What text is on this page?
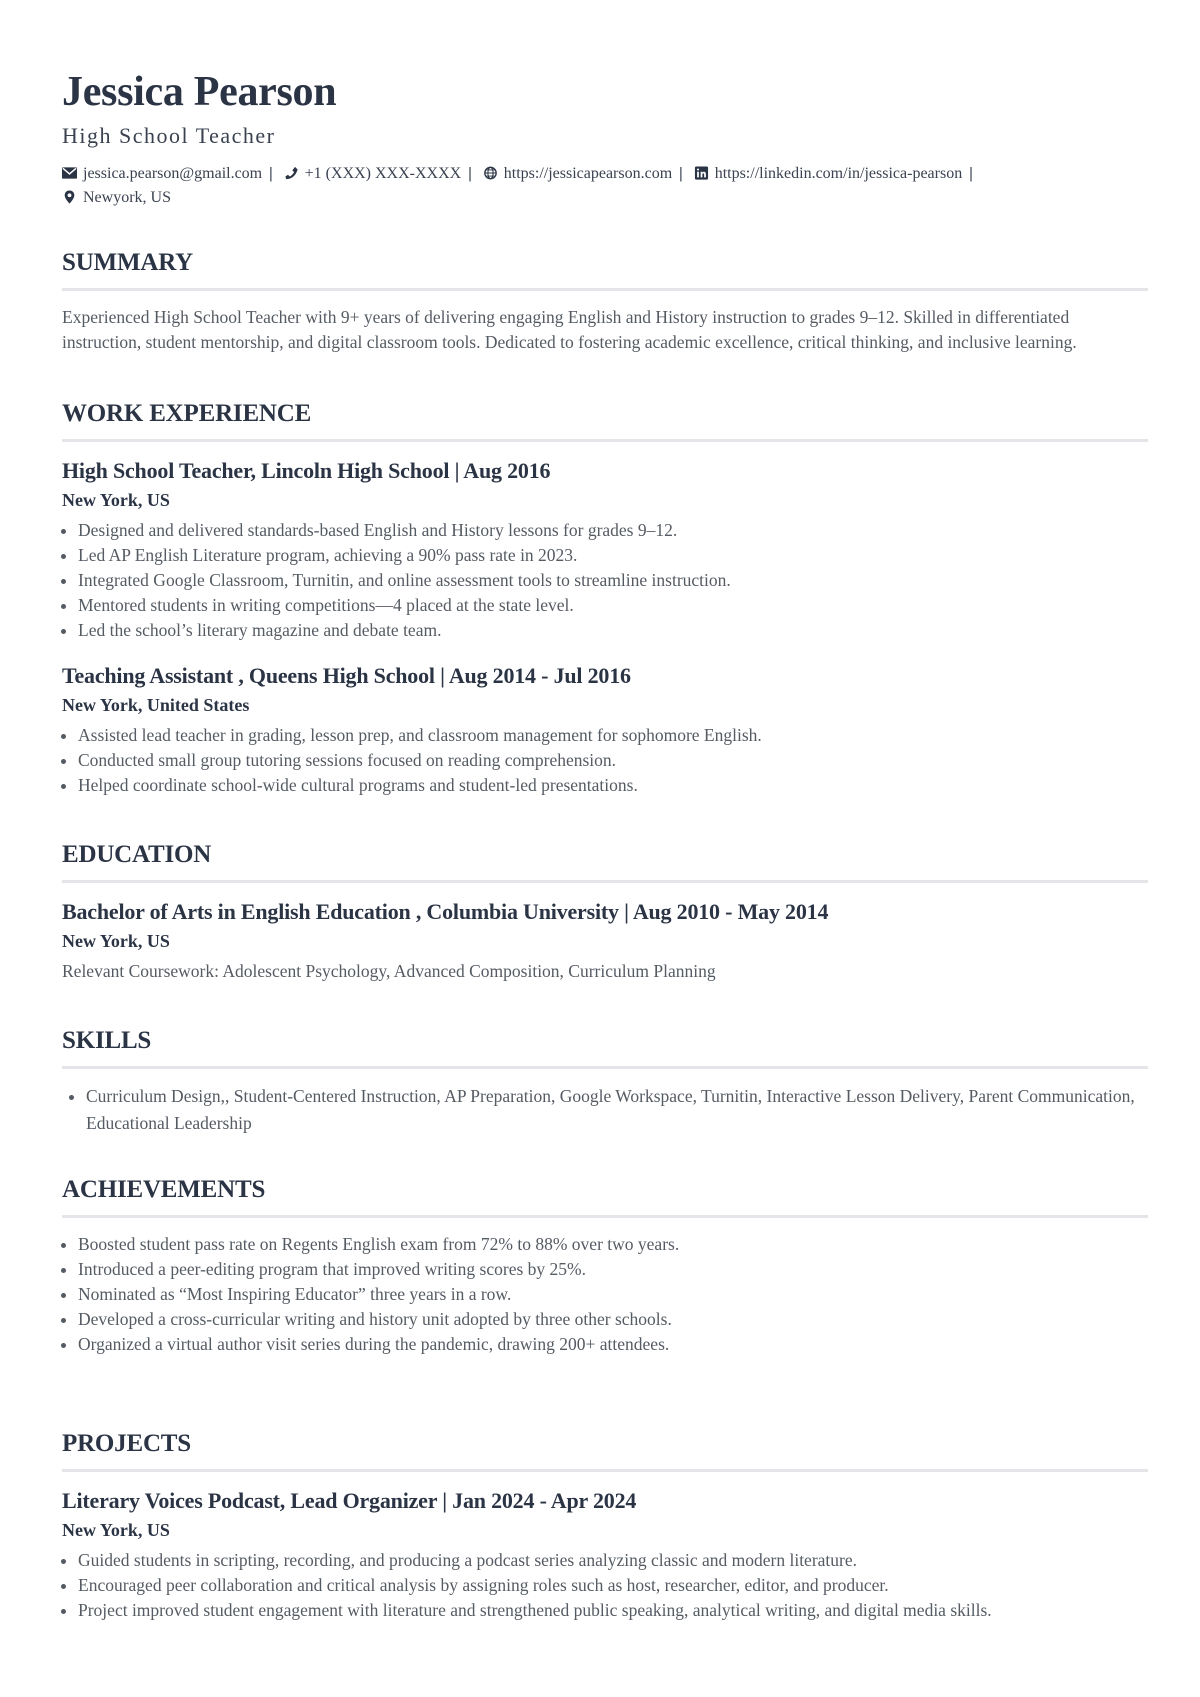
Jessica Pearson
High School Teacher
jessica.pearson@gmail.com | +1 (XXX) XXX-XXXX | https://jessicapearson.com | https://linkedin.com/in/jessica-pearson |
Newyork, US
SUMMARY
Experienced High School Teacher with 9+ years of delivering engaging English and History instruction to grades 9–12. Skilled in differentiated instruction, student mentorship, and digital classroom tools. Dedicated to fostering academic excellence, critical thinking, and inclusive learning.
WORK EXPERIENCE
High School Teacher, Lincoln High School | Aug 2016
New York, US
• Designed and delivered standards-based English and History lessons for grades 9–12.
• Led AP English Literature program, achieving a 90% pass rate in 2023.
• Integrated Google Classroom, Turnitin, and online assessment tools to streamline instruction.
• Mentored students in writing competitions—4 placed at the state level.
• Led the school’s literary magazine and debate team.
Teaching Assistant , Queens High School | Aug 2014 - Jul 2016
New York, United States
• Assisted lead teacher in grading, lesson prep, and classroom management for sophomore English.
• Conducted small group tutoring sessions focused on reading comprehension.
• Helped coordinate school-wide cultural programs and student-led presentations.
EDUCATION
Bachelor of Arts in English Education , Columbia University | Aug 2010 - May 2014
New York, US
Relevant Coursework: Adolescent Psychology, Advanced Composition, Curriculum Planning
SKILLS
• Curriculum Design,, Student-Centered Instruction, AP Preparation, Google Workspace, Turnitin, Interactive Lesson Delivery, Parent Communication, Educational Leadership
ACHIEVEMENTS
• Boosted student pass rate on Regents English exam from 72% to 88% over two years.
• Introduced a peer-editing program that improved writing scores by 25%.
• Nominated as “Most Inspiring Educator” three years in a row.
• Developed a cross-curricular writing and history unit adopted by three other schools.
• Organized a virtual author visit series during the pandemic, drawing 200+ attendees.
PROJECTS
Literary Voices Podcast, Lead Organizer | Jan 2024 - Apr 2024
New York, US
• Guided students in scripting, recording, and producing a podcast series analyzing classic and modern literature.
• Encouraged peer collaboration and critical analysis by assigning roles such as host, researcher, editor, and producer.
• Project improved student engagement with literature and strengthened public speaking, analytical writing, and digital media skills.
